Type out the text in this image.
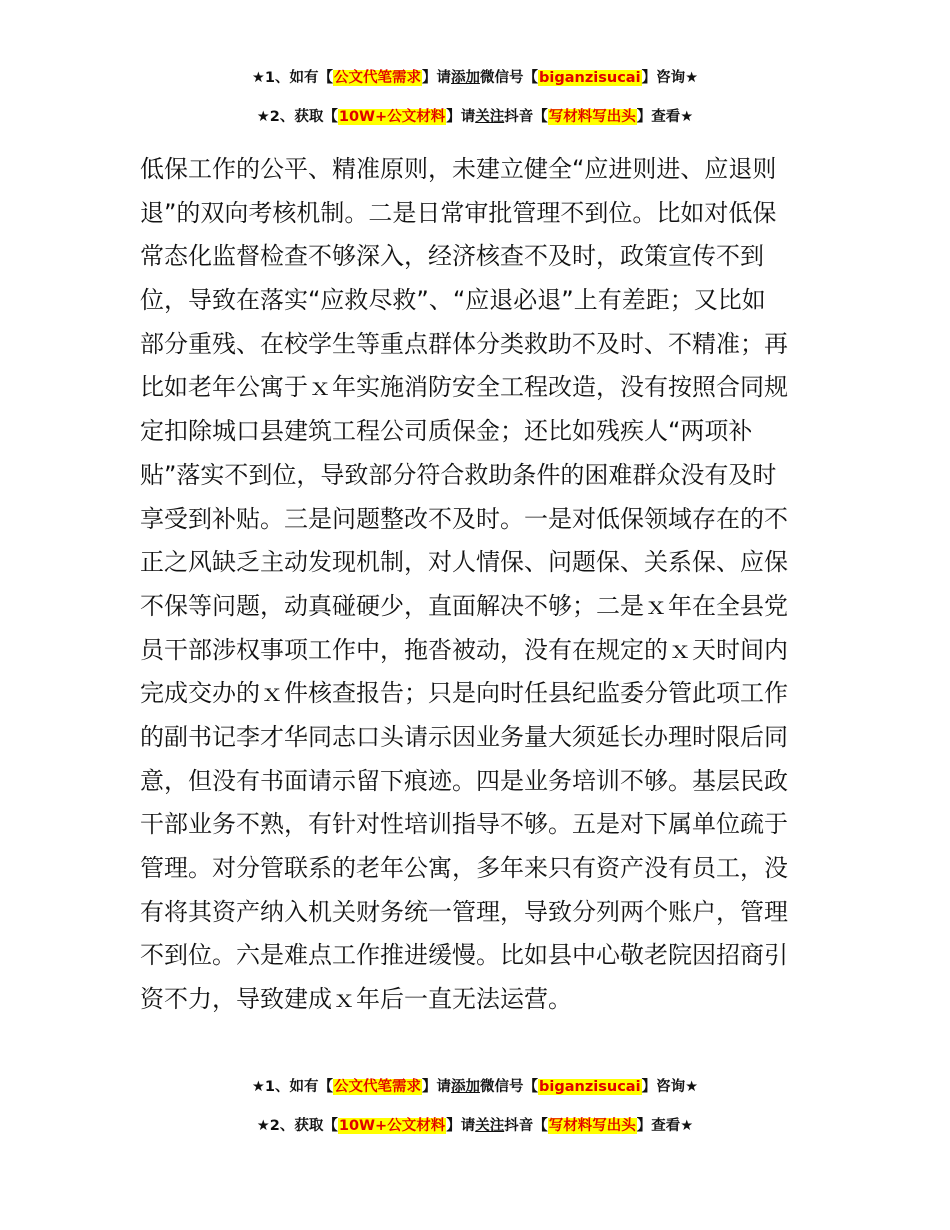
★1、如有【公文代笔需求】请添加微信号【biganzisucai】咨询★
★2、获取【10W+公文材料】请关注抖音【写材料写出头】查看★
低保工作的公平、精准原则，未建立健全“应进则进、应退则
退”的双向考核机制。二是日常审批管理不到位。比如对低保
常态化监督检查不够深入，经济核查不及时，政策宣传不到
位，导致在落实“应救尽救”、“应退必退”上有差距；又比如
部分重残、在校学生等重点群体分类救助不及时、不精准；再
比如老年公寓于ｘ年实施消防安全工程改造，没有按照合同规
定扣除城口县建筑工程公司质保金；还比如残疾人“两项补
贴”落实不到位，导致部分符合救助条件的困难群众没有及时
享受到补贴。三是问题整改不及时。一是对低保领域存在的不
正之风缺乏主动发现机制，对人情保、问题保、关系保、应保
不保等问题，动真碰硬少，直面解决不够；二是ｘ年在全县党
员干部涉权事项工作中，拖沓被动，没有在规定的ｘ天时间内
完成交办的ｘ件核查报告；只是向时任县纪监委分管此项工作
的副书记李才华同志口头请示因业务量大须延长办理时限后同
意，但没有书面请示留下痕迹。四是业务培训不够。基层民政
干部业务不熟，有针对性培训指导不够。五是对下属单位疏于
管理。对分管联系的老年公寓，多年来只有资产没有员工，没
有将其资产纳入机关财务统一管理，导致分列两个账户，管理
不到位。六是难点工作推进缓慢。比如县中心敬老院因招商引
资不力，导致建成ｘ年后一直无法运营。
★1、如有【公文代笔需求】请添加微信号【biganzisucai】咨询★
★2、获取【10W+公文材料】请关注抖音【写材料写出头】查看★
